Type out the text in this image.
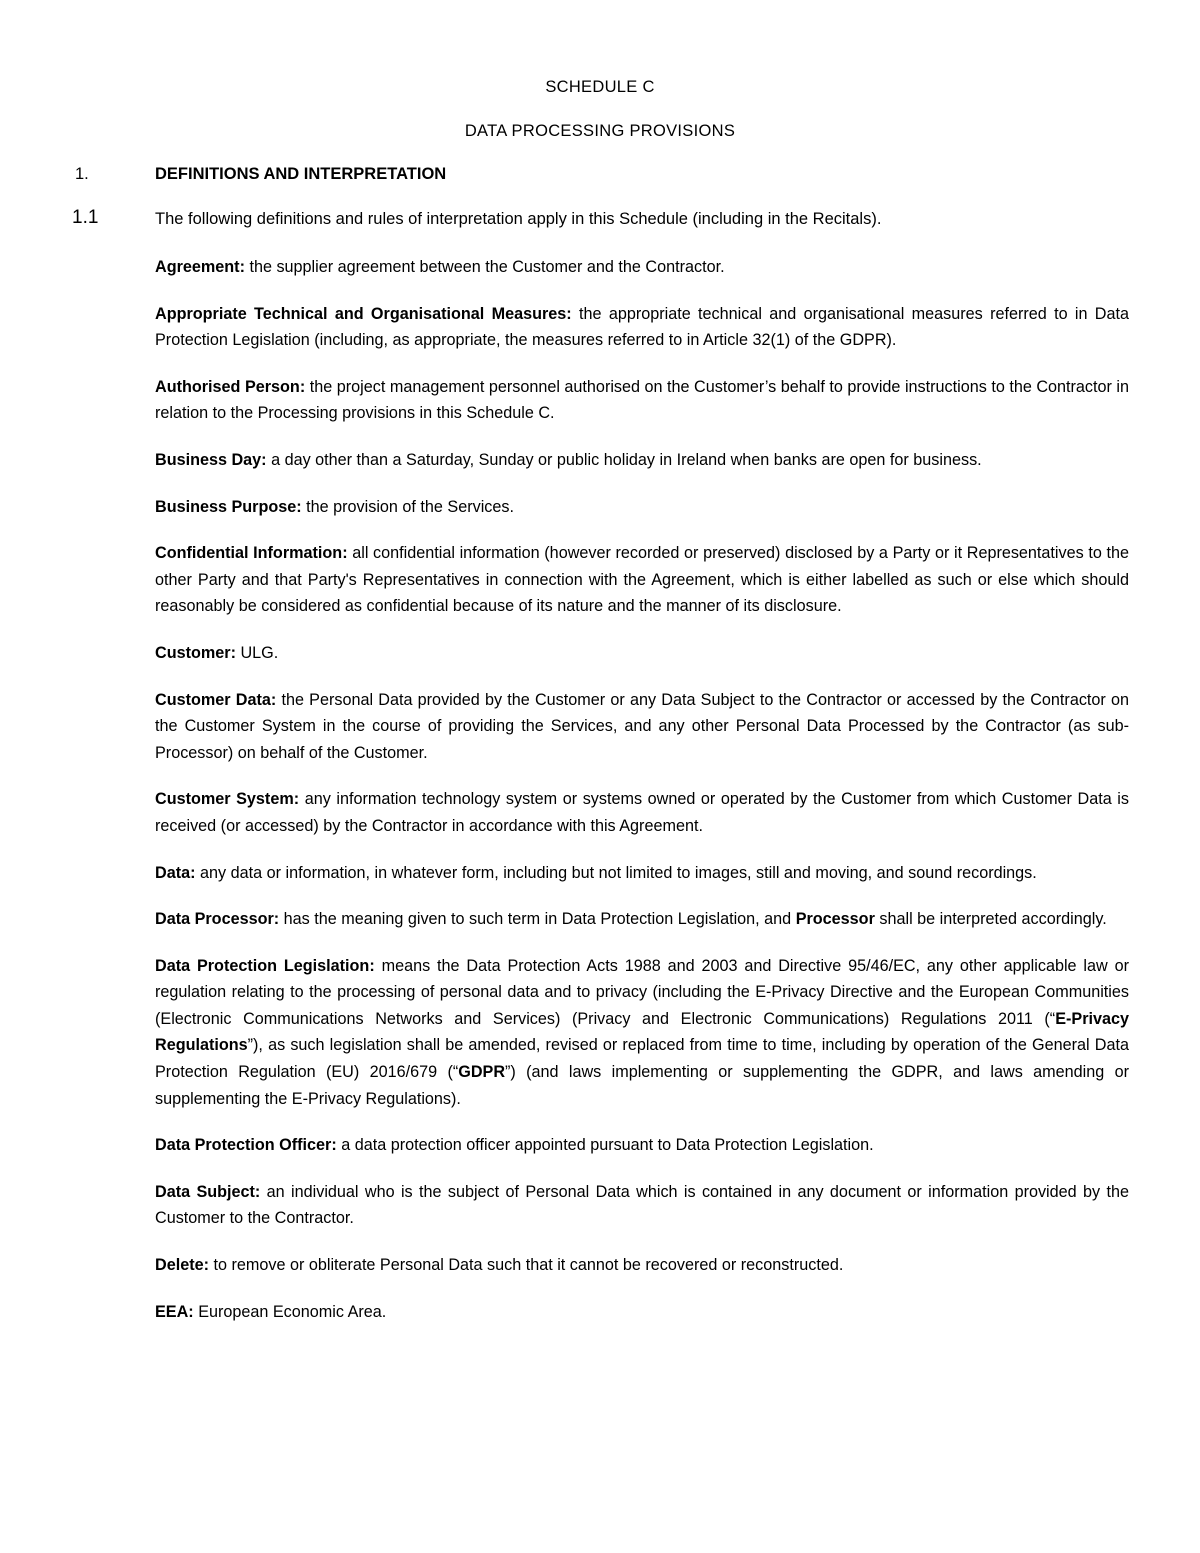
SCHEDULE C
DATA PROCESSING PROVISIONS
1.	DEFINITIONS AND INTERPRETATION
1.1	The following definitions and rules of interpretation apply in this Schedule (including in the Recitals).

Agreement: the supplier agreement between the Customer and the Contractor.

Appropriate Technical and Organisational Measures: the appropriate technical and organisational measures referred to in Data Protection Legislation (including, as appropriate, the measures referred to in Article 32(1) of the GDPR).

Authorised Person: the project management personnel authorised on the Customer’s behalf to provide instructions to the Contractor in relation to the Processing provisions in this Schedule C.

Business Day: a day other than a Saturday, Sunday or public holiday in Ireland when banks are open for business.

Business Purpose: the provision of the Services.

Confidential Information: all confidential information (however recorded or preserved) disclosed by a Party or it Representatives to the other Party and that Party's Representatives in connection with the Agreement, which is either labelled as such or else which should reasonably be considered as confidential because of its nature and the manner of its disclosure.

Customer: ULG.

Customer Data: the Personal Data provided by the Customer or any Data Subject to the Contractor or accessed by the Contractor on the Customer System in the course of providing the Services, and any other Personal Data Processed by the Contractor (as sub-Processor) on behalf of the Customer.

Customer System: any information technology system or systems owned or operated by the Customer from which Customer Data is received (or accessed) by the Contractor in accordance with this Agreement.

Data: any data or information, in whatever form, including but not limited to images, still and moving, and sound recordings.

Data Processor: has the meaning given to such term in Data Protection Legislation, and Processor shall be interpreted accordingly.

Data Protection Legislation: means the Data Protection Acts 1988 and 2003 and Directive 95/46/EC, any other applicable law or regulation relating to the processing of personal data and to privacy (including the E-Privacy Directive and the European Communities (Electronic Communications Networks and Services) (Privacy and Electronic Communications) Regulations 2011 (“E-Privacy Regulations”), as such legislation shall be amended, revised or replaced from time to time, including by operation of the General Data Protection Regulation (EU) 2016/679 (“GDPR”) (and laws implementing or supplementing the GDPR, and laws amending or supplementing the E-Privacy Regulations).

Data Protection Officer: a data protection officer appointed pursuant to Data Protection Legislation.

Data Subject: an individual who is the subject of Personal Data which is contained in any document or information provided by the Customer to the Contractor.

Delete: to remove or obliterate Personal Data such that it cannot be recovered or reconstructed.

EEA: European Economic Area.
